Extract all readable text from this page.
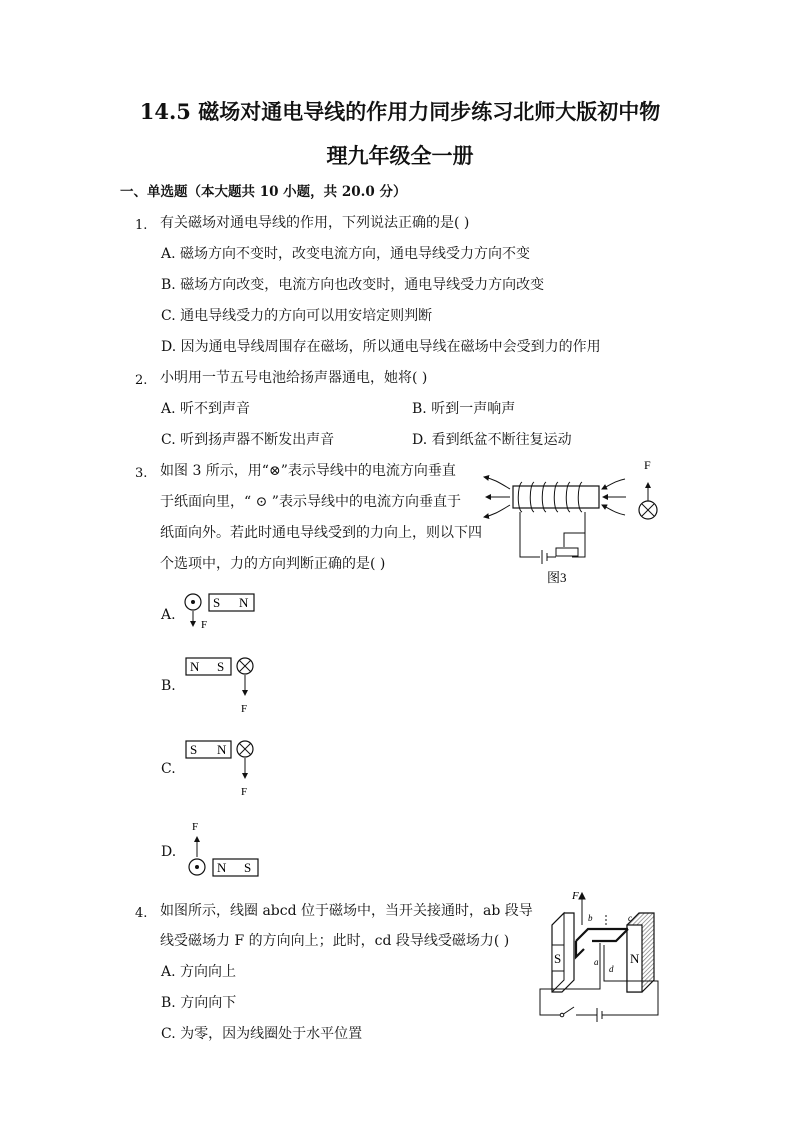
14.5 磁场对通电导线的作用力同步练习北师大版初中物
理九年级全一册
一、单选题（本大题共 10 小题，共 20.0 分）
1. 有关磁场对通电导线的作用，下列说法正确的是( )
A. 磁场方向不变时，改变电流方向，通电导线受力方向不变
B. 磁场方向改变，电流方向也改变时，通电导线受力方向改变
C. 通电导线受力的方向可以用安培定则判断
D. 因为通电导线周围存在磁场，所以通电导线在磁场中会受到力的作用
2. 小明用一节五号电池给扬声器通电，她将( )
A. 听不到声音	B. 听到一声响声
C. 听到扬声器不断发出声音	D. 看到纸盆不断往复运动
3. 如图 3 所示，用“⊗”表示导线中的电流方向垂直
于纸面向里，“ ⊙ ”表示导线中的电流方向垂直于
纸面向外。若此时通电导线受到的力向上，则以下四
个选项中，力的方向判断正确的是( )
F
图3
A.
F
S N
B.
N S
F
C.
S N
F
D.
F
N S
4. 如图所示，线圈 abcd 位于磁场中，当开关接通时，ab 段导
线受磁场力 F 的方向向上；此时，cd 段导线受磁场力( )
A. 方向向上
B. 方向向下
C. 为零，因为线圈处于水平位置
S	N
F
b	c
a
d
